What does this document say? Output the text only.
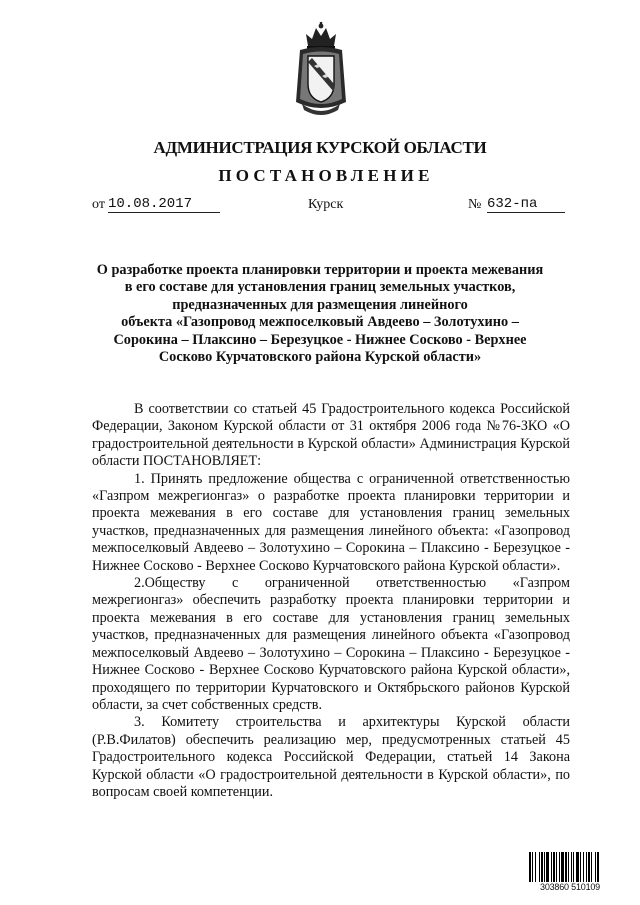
АДМИНИСТРАЦИЯ КУРСКОЙ ОБЛАСТИ
ПОСТАНОВЛЕНИЕ
от 10.08.2017	Курск	№ 632-па
О разработке проекта планировки территории и проекта межевания
в его составе для установления границ земельных участков,
предназначенных для размещения линейного
объекта «Газопровод межпоселковый Авдеево – Золотухино –
Сорокина – Плаксино – Березуцкое - Нижнее Сосково - Верхнее
Сосково Курчатовского района Курской области»

В соответствии со статьей 45 Градостроительного кодекса Российской Федерации, Законом Курской области от 31 октября 2006 года №76-ЗКО «О градостроительной деятельности в Курской области» Администрация Курской области ПОСТАНОВЛЯЕТ:

1. Принять предложение общества с ограниченной ответственностью «Газпром межрегионгаз» о разработке проекта планировки территории и проекта межевания в его составе для установления границ земельных участков, предназначенных для размещения линейного объекта: «Газопровод межпоселковый Авдеево – Золотухино – Сорокина – Плаксино - Березуцкое - Нижнее Сосково - Верхнее Сосково Курчатовского района Курской области».

2.Обществу с ограниченной ответственностью «Газпром межрегионгаз» обеспечить разработку проекта планировки территории и проекта межевания в его составе для установления границ земельных участков, предназначенных для размещения линейного объекта «Газопровод межпоселковый Авдеево – Золотухино – Сорокина – Плаксино - Березуцкое - Нижнее Сосково - Верхнее Сосково Курчатовского района Курской области», проходящего по территории Курчатовского и Октябрьского районов Курской области, за счет собственных средств.

3. Комитету строительства и архитектуры Курской области (Р.В.Филатов) обеспечить реализацию мер, предусмотренных статьей 45 Градостроительного кодекса Российской Федерации, статьей 14 Закона Курской области «О градостроительной деятельности в Курской области», по вопросам своей компетенции.

303860 510109
